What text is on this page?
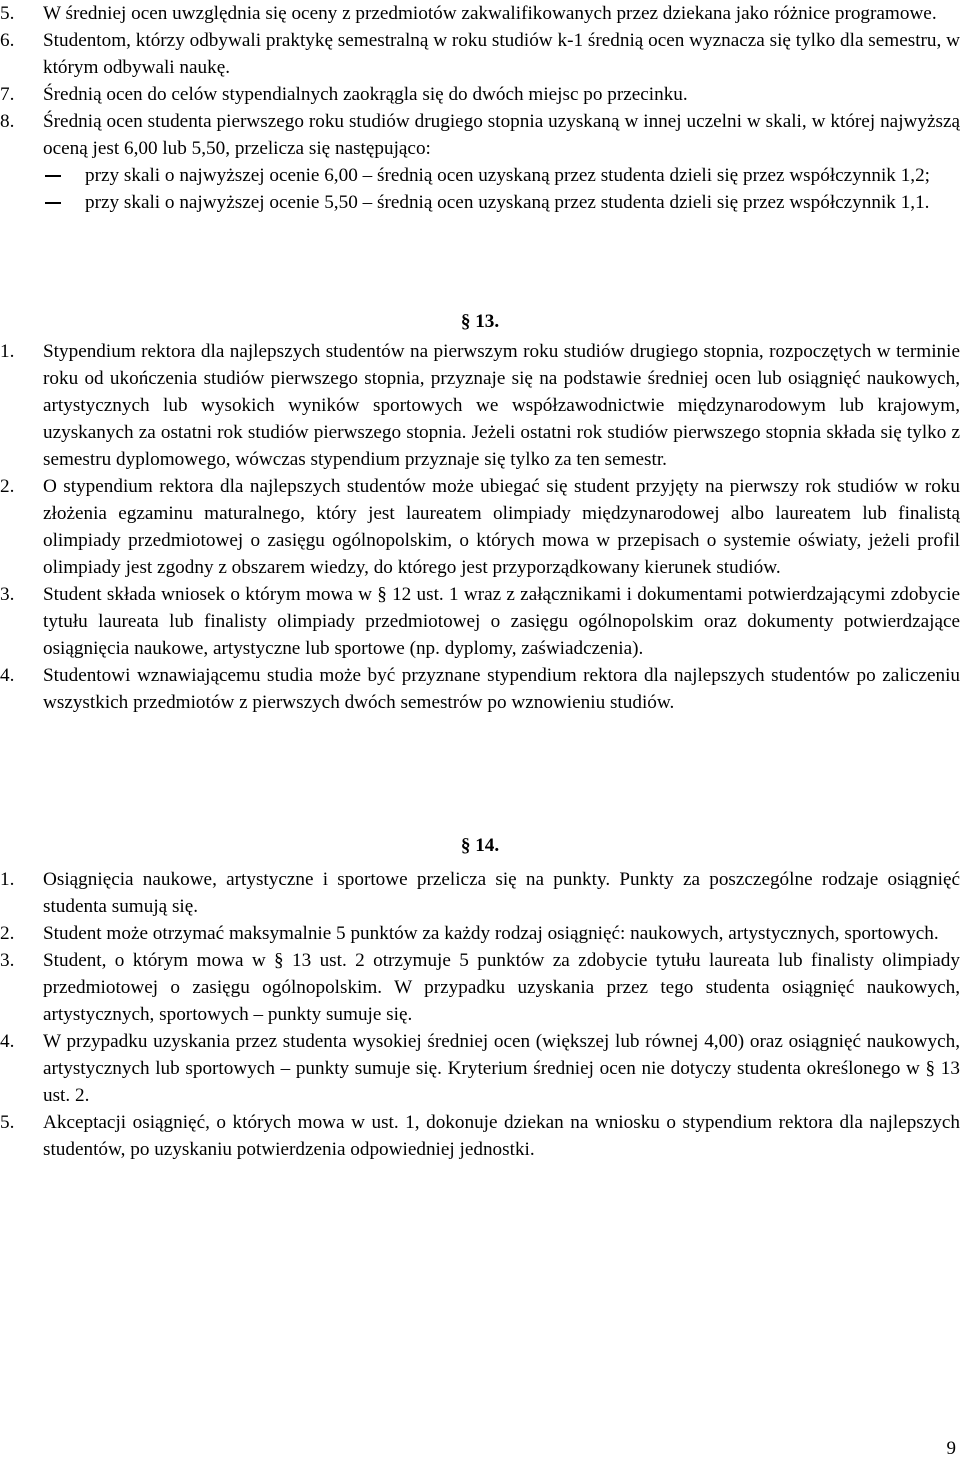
5. W średniej ocen uwzględnia się oceny z przedmiotów zakwalifikowanych przez dziekana jako różnice programowe.
6. Studentom, którzy odbywali praktykę semestralną w roku studiów k-1 średnią ocen wyznacza się tylko dla semestru, w którym odbywali naukę.
7. Średnią ocen do celów stypendialnych zaokrągla się do dwóch miejsc po przecinku.
8. Średnią ocen studenta pierwszego roku studiów drugiego stopnia uzyskaną w innej uczelni w skali, w której najwyższą oceną jest 6,00 lub 5,50, przelicza się następująco:
przy skali o najwyższej ocenie 6,00 – średnią ocen uzyskaną przez studenta dzieli się przez współczynnik 1,2;
przy skali o najwyższej ocenie 5,50 – średnią ocen uzyskaną przez studenta dzieli się przez współczynnik 1,1.
§ 13.
1. Stypendium rektora dla najlepszych studentów na pierwszym roku studiów drugiego stopnia, rozpoczętych w terminie roku od ukończenia studiów pierwszego stopnia, przyznaje się na podstawie średniej ocen lub osiągnięć naukowych, artystycznych lub wysokich wyników sportowych we współzawodnictwie międzynarodowym lub krajowym, uzyskanych za ostatni rok studiów pierwszego stopnia. Jeżeli ostatni rok studiów pierwszego stopnia składa się tylko z semestru dyplomowego, wówczas stypendium przyznaje się tylko za ten semestr.
2. O stypendium rektora dla najlepszych studentów może ubiegać się student przyjęty na pierwszy rok studiów w roku złożenia egzaminu maturalnego, który jest laureatem olimpiady międzynarodowej albo laureatem lub finalistą olimpiady przedmiotowej o zasięgu ogólnopolskim, o których mowa w przepisach o systemie oświaty, jeżeli profil olimpiady jest zgodny z obszarem wiedzy, do którego jest przyporządkowany kierunek studiów.
3. Student składa wniosek o którym mowa w § 12 ust. 1 wraz z załącznikami i dokumentami potwierdzającymi zdobycie tytułu laureata lub finalisty olimpiady przedmiotowej o zasięgu ogólnopolskim oraz dokumenty potwierdzające osiągnięcia naukowe, artystyczne lub sportowe (np. dyplomy, zaświadczenia).
4. Studentowi wznawiającemu studia może być przyznane stypendium rektora dla najlepszych studentów po zaliczeniu wszystkich przedmiotów z pierwszych dwóch semestrów po wznowieniu studiów.
§ 14.
1. Osiągnięcia naukowe, artystyczne i sportowe przelicza się na punkty. Punkty za poszczególne rodzaje osiągnięć studenta sumują się.
2. Student może otrzymać maksymalnie 5 punktów za każdy rodzaj osiągnięć: naukowych, artystycznych, sportowych.
3. Student, o którym mowa w § 13 ust. 2 otrzymuje 5 punktów za zdobycie tytułu laureata lub finalisty olimpiady przedmiotowej o zasięgu ogólnopolskim. W przypadku uzyskania przez tego studenta osiągnięć naukowych, artystycznych, sportowych – punkty sumuje się.
4. W przypadku uzyskania przez studenta wysokiej średniej ocen (większej lub równej 4,00) oraz osiągnięć naukowych, artystycznych lub sportowych – punkty sumuje się. Kryterium średniej ocen nie dotyczy studenta określonego w § 13 ust. 2.
5. Akceptacji osiągnięć, o których mowa w ust. 1, dokonuje dziekan na wniosku o stypendium rektora dla najlepszych studentów, po uzyskaniu potwierdzenia odpowiedniej jednostki.
9
